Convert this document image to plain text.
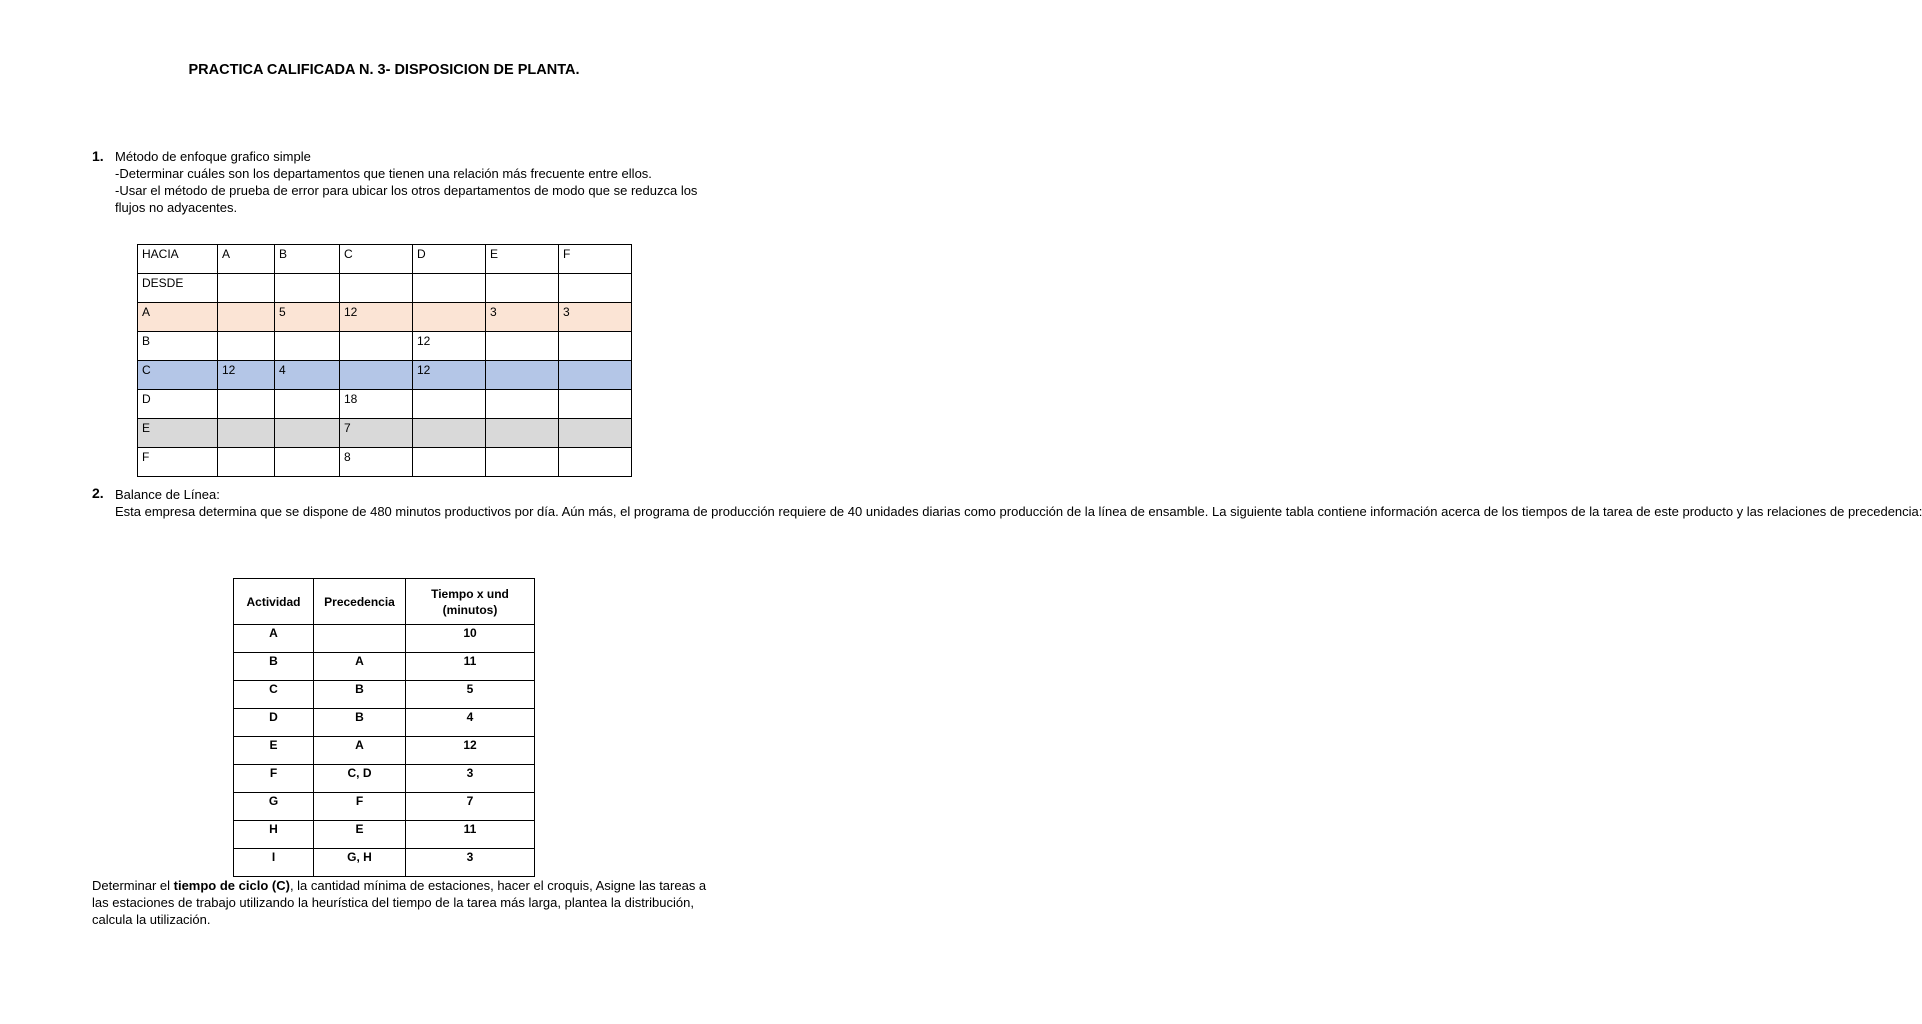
PRACTICA CALIFICADA N. 3- DISPOSICION DE PLANTA.
1. Método de enfoque grafico simple
-Determinar cuáles son los departamentos que tienen una relación más frecuente entre ellos.
-Usar el método de prueba de error para ubicar los otros departamentos de modo que se reduzca los
flujos no adyacentes.
HACIA	A	B	C	D	E	F
DESDE						
A		5	12		3	3
B				12		
C	12	4		12		
D			18			
E			7			
F			8			
2. Balance de Línea:
Esta empresa determina que se dispone de 480 minutos productivos por día. Aún más, el programa de producción requiere de 40 unidades diarias como producción de la línea de ensamble. La siguiente tabla contiene información acerca de los tiempos de la tarea de este producto y las relaciones de precedencia:
Actividad	Precedencia	Tiempo x und (minutos)
A		10
B	A	11
C	B	5
D	B	4
E	A	12
F	C, D	3
G	F	7
H	E	11
I	G, H	3
Determinar el tiempo de ciclo (C), la cantidad mínima de estaciones, hacer el croquis, Asigne las tareas a las estaciones de trabajo utilizando la heurística del tiempo de la tarea más larga, plantea la distribución, calcula la utilización.
